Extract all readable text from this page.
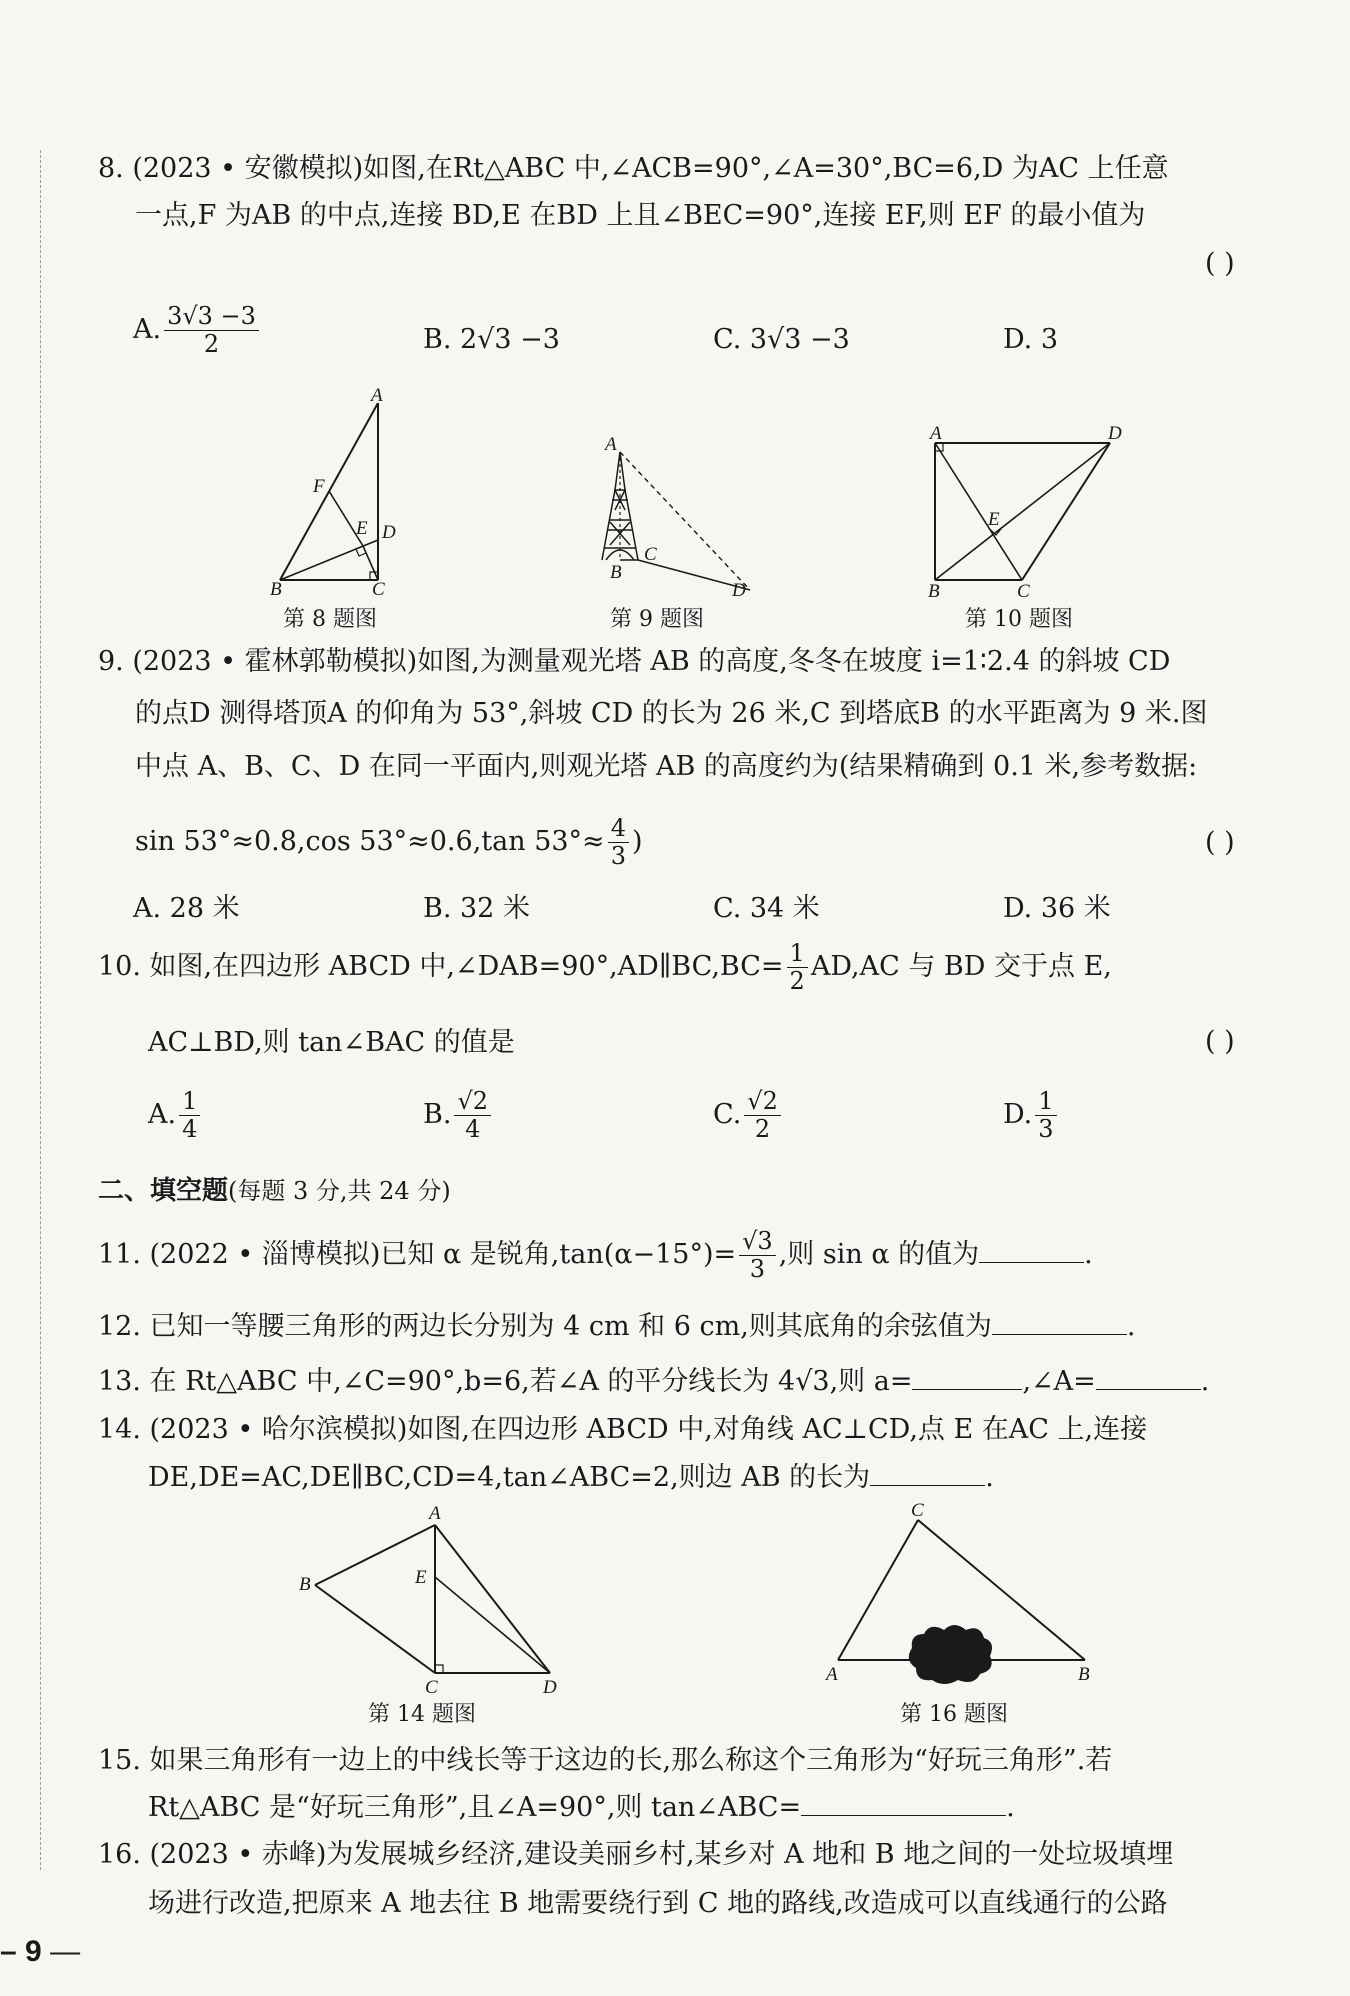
8. (2023 • 安徽模拟)如图,在Rt△ABC 中,∠ACB=90°,∠A=30°,BC=6,D 为AC 上任意
一点,F 为AB 的中点,连接 BD,E 在BD 上且∠BEC=90°,连接 EF,则 EF 的最小值为
( )
A. $\frac{3√3 -3}{2}$	B. 2√3 −3	C. 3√3 −3	D. 3
A
F
E D
B	C
第 8 题图
A
B
C
D
第 9 题图
A	D
E
B	C
第 10 题图
9. (2023 • 霍林郭勒模拟)如图,为测量观光塔 AB 的高度,冬冬在坡度 i=1∶2.4 的斜坡 CD
的点D 测得塔顶A 的仰角为 53°,斜坡 CD 的长为 26 米,C 到塔底B 的水平距离为 9 米.图
中点 A、B、C、D 在同一平面内,则观光塔 AB 的高度约为(结果精确到 0.1 米,参考数据:
sin 53°≈0.8,cos 53°≈0.6,tan $53^\circ\approx \frac{4}{3}$ )	( )
A. 28 米	B. 32 米	C. 34 米	D. 36 米
10. 如图,在四边形 ABCD 中,∠DAB=90°,AD∥BC,BC= $\frac{1}{2} AD,AC$ 与 BD 交于点 E,
AC⊥BD,则 tan∠BAC 的值是	( )
A. $\frac{1}{4}$	B. $\frac{√2}{4}$	C. $\frac{√2}{2}$	D. $\frac{1}{3}$
二、填空题(每题 3 分,共 24 分)
11. (2022 • 淄博模拟)已知 α 是锐角$,\tan(\alpha-15^\circ)= \frac{√3}{3}$ ,则 sin α 的值为	.
12. 已知一等腰三角形的两边长分别为 4 cm 和 6 cm,则其底角的余弦值为	.
13. 在 Rt△ABC 中,∠C=90°,b=6,若∠A 的平分线长为 4√3,则 a=	,∠A=	.
14. (2023 • 哈尔滨模拟)如图,在四边形 ABCD 中,对角线 AC⊥CD,点 E 在AC 上,连接
DE,DE=AC,DE∥BC,CD=4,tan∠ABC=2,则边 AB 的长为	.
A
B	E
C	D
第 14 题图
C
A	B
第 16 题图
15. 如果三角形有一边上的中线长等于这边的长,那么称这个三角形为“好玩三角形”.若
Rt△ABC 是“好玩三角形”,且∠A=90°,则 tan∠ABC=	.
16. (2023 • 赤峰)为发展城乡经济,建设美丽乡村,某乡对 A 地和 B 地之间的一处垃圾填埋
场进行改造,把原来 A 地去往 B 地需要绕行到 C 地的路线,改造成可以直线通行的公路
– 9 —
